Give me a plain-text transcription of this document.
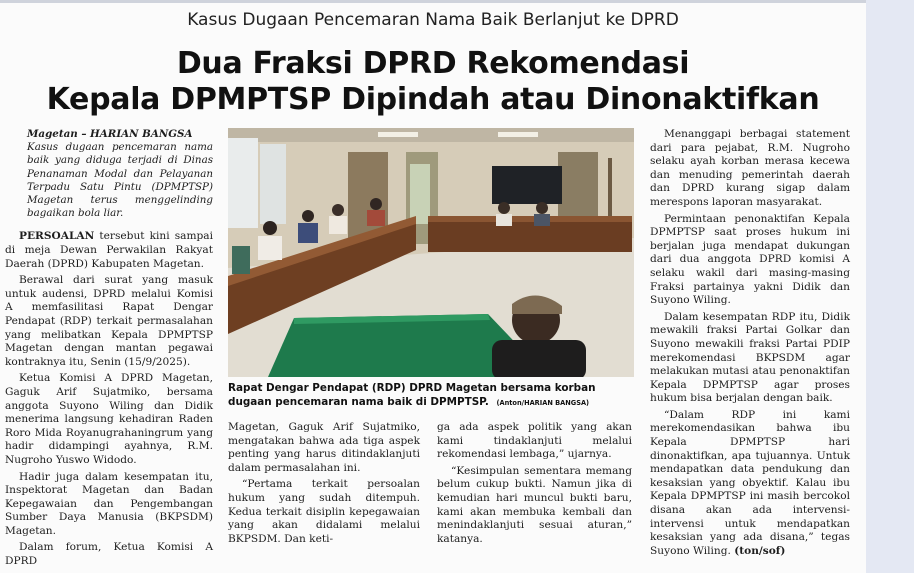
Kasus Dugaan Pencemaran Nama Baik Berlanjut ke DPRD
Dua Fraksi DPRD Rekomendasi
Kepala DPMPTSP Dipindah atau Dinonaktifkan
Magetan – HARIAN BANGSA
Kasus dugaan pencemaran nama baik yang diduga terjadi di Dinas Penanaman Modal dan Pelayanan Terpadu Satu Pintu (DPMPTSP) Magetan terus menggelinding bagaikan bola liar.

PERSOALAN tersebut kini sampai di meja Dewan Perwakilan Rakyat Daerah (DPRD) Kabupaten Magetan.

Berawal dari surat yang masuk untuk audensi, DPRD melalui Komisi A memfasilitasi Rapat Dengar Pendapat (RDP) terkait permasalahan yang melibatkan Kepala DPMPTSP Magetan dengan mantan pegawai kontraknya itu, Senin (15/9/2025).

Ketua Komisi A DPRD Magetan, Gaguk Arif Sujatmiko, bersama anggota Suyono Wiling dan Didik menerima langsung kehadiran Raden Roro Mida Royanugrahaningrum yang hadir didampingi ayahnya, R.M. Nugroho Yuswo Widodo.

Hadir juga dalam kesempatan itu, Inspektorat Magetan dan Badan Kepegawaian dan Pengembangan Sumber Daya Manusia (BKPSDM) Magetan.

Dalam forum, Ketua Komisi A DPRD

Rapat Dengar Pendapat (RDP) DPRD Magetan bersama korban dugaan pencemaran nama baik di DPMPTSP. (Anton/HARIAN BANGSA)

Magetan, Gaguk Arif Sujatmiko, mengatakan bahwa ada tiga aspek penting yang harus ditindaklanjuti dalam permasalahan ini.

“Pertama terkait persoalan hukum yang sudah ditempuh. Kedua terkait disiplin kepegawaian yang akan didalami melalui BKPSDM. Dan keti-

ga ada aspek politik yang akan kami tindaklanjuti melalui rekomendasi lembaga,” ujarnya.

“Kesimpulan sementara memang belum cukup bukti. Namun jika di kemudian hari muncul bukti baru, kami akan membuka kembali dan menindaklanjuti sesuai aturan,” katanya.

Menanggapi berbagai statement dari para pejabat, R.M. Nugroho selaku ayah korban merasa kecewa dan menuding pemerintah daerah dan DPRD kurang sigap dalam merespons laporan masyarakat.

Permintaan penonaktifan Kepala DPMPTSP saat proses hukum ini berjalan juga mendapat dukungan dari dua anggota DPRD komisi A selaku wakil dari masing-masing Fraksi partainya yakni Didik dan Suyono Wiling.

Dalam kesempatan RDP itu, Didik mewakili fraksi Partai Golkar dan Suyono mewakili fraksi Partai PDIP merekomendasi BKPSDM agar melakukan mutasi atau penonaktifan Kepala DPMPTSP agar proses hukum bisa berjalan dengan baik.

“Dalam RDP ini kami merekomendasikan bahwa ibu Kepala DPMPTSP hari dinonaktifkan, apa tujuannya. Untuk mendapatkan data pendukung dan kesaksian yang obyektif. Kalau ibu Kepala DPMPTSP ini masih bercokol disana akan ada intervensi-intervensi untuk mendapatkan kesaksian yang ada disana,” tegas Suyono Wiling. (ton/sof)
